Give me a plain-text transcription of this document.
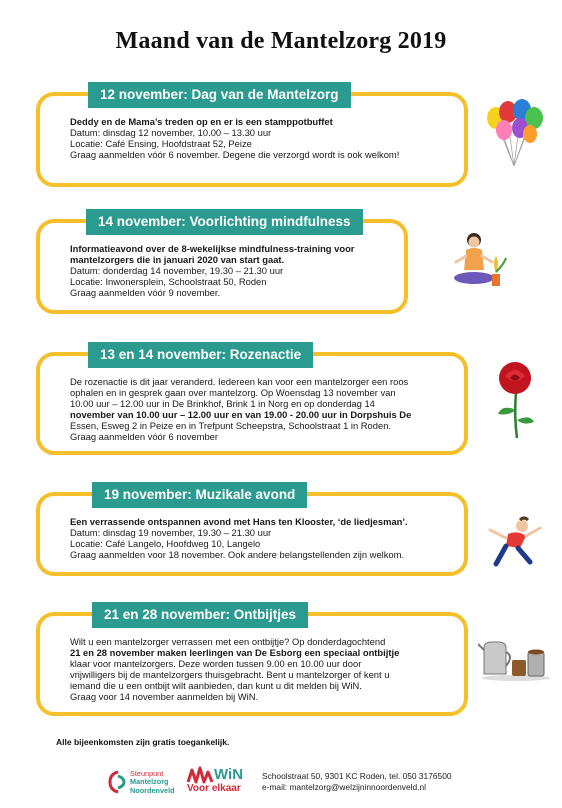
Maand van de Mantelzorg 2019
12 november: Dag van de Mantelzorg

Deddy en de Mama’s treden op en er is een stamppotbuffet

Datum: dinsdag 12 november, 10.00 – 13.30 uur

Locatie: Café Ensing, Hoofdstraat 52, Peize

Graag aanmelden vóór 6 november. Degene die verzorgd wordt is ook welkom!

14 november: Voorlichting mindfulness

Informatieavond over de 8-wekelijkse mindfulness-training voor

mantelzorgers die in januari 2020 van start gaat.

Datum: donderdag 14 november, 19.30 – 21.30 uur

Locatie: Inwonersplein, Schoolstraat 50, Roden

Graag aanmelden vóór 9 november.

13 en 14 november: Rozenactie

De rozenactie is dit jaar veranderd. Iedereen kan voor een mantelzorger een roos

ophalen en in gesprek gaan over mantelzorg. Op Woensdag 13 november van

10.00 uur – 12.00 uur in De Brinkhof, Brink 1 in Norg en op donderdag 14

november van 10.00 uur – 12.00 uur en van 19.00 - 20.00 uur in Dorpshuis De

Essen, Esweg 2 in Peize en in Trefpunt Scheepstra, Schoolstraat 1 in Roden.

Graag aanmelden vóór 6 november

19 november: Muzikale avond

Een verrassende ontspannen avond met Hans ten Klooster, ‘de liedjesman’.

Datum: dinsdag 19 november, 19.30 – 21.30 uur

Locatie: Café Langelo, Hoofdweg 10, Langelo

Graag aanmelden voor 18 november. Ook andere belangstellenden zijn welkom.

21 en 28 november: Ontbijtjes

Wilt u een mantelzorger verrassen met een ontbijtje? Op donderdagochtend

21 en 28 november maken leerlingen van De Esborg een speciaal ontbijtje

klaar voor mantelzorgers. Deze worden tussen 9.00 en 10.00 uur door

vrijwilligers bij de mantelzorgers thuisgebracht. Bent u mantelzorger of kent u

iemand die u een ontbijt wilt aanbieden, dan kunt u dit melden bij WiN.

Graag voor 14 november aanmelden bij WiN.

Alle bijeenkomsten zijn gratis toegankelijk.
Steunpunt
Mantelzorg
Noordenveld
WiN
Voor elkaar
Schoolstraat 50, 9301 KC Roden, tel. 050 3176500
e-mail: mantelzorg@welzijninnoordenveld.nl
